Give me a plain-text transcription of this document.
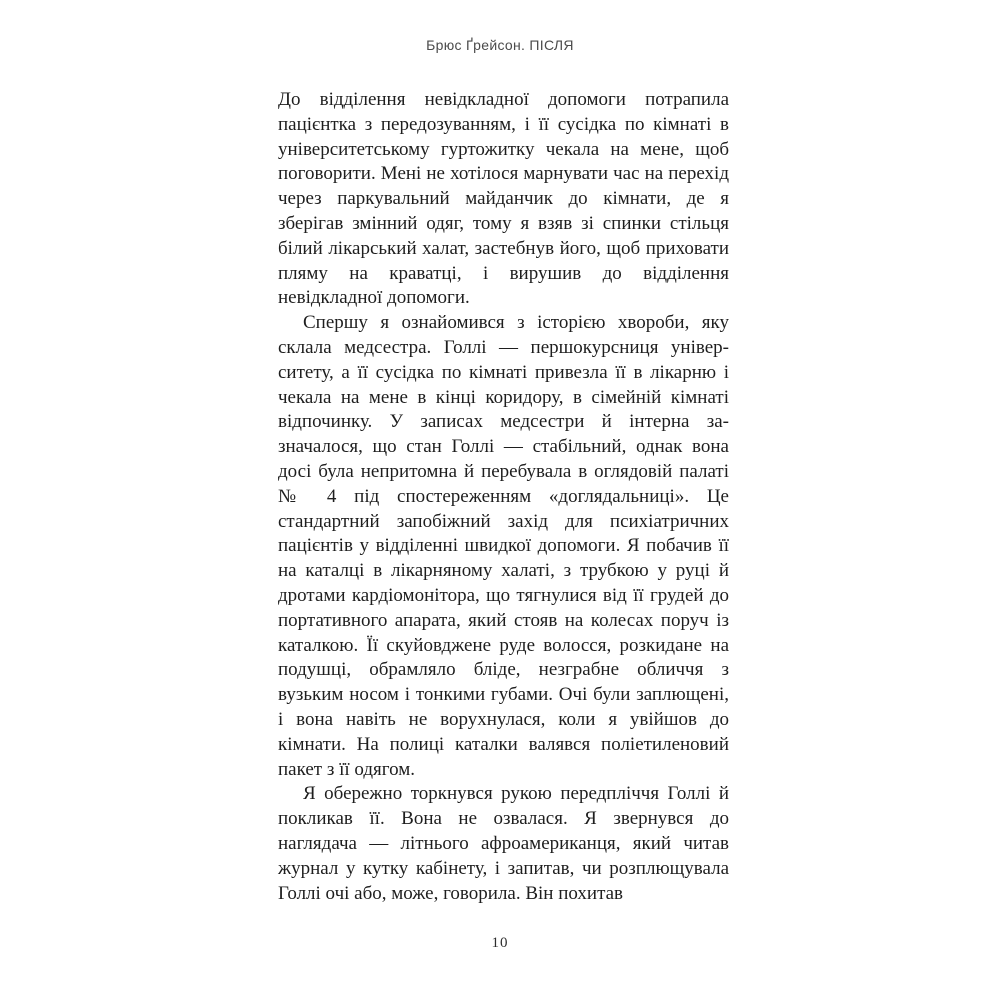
Брюс Ґрейсон. ПІСЛЯ

До відділення невідкладної допомоги потрапила пацієнтка з передозуванням, і її сусідка по кімнаті в університетському гуртожитку чекала на мене, щоб поговорити. Мені не хотілося марнувати час на перехід через паркувальний майданчик до кімнати, де я зберігав змінний одяг, тому я взяв зі спинки стільця білий лікарський халат, застебнув його, щоб приховати пляму на краватці, і вирушив до відділення невідкладної допомоги.

Спершу я ознайомився з історією хвороби, яку склала медсестра. Голлі — першокурсниця університету, а її сусідка по кімнаті привезла її в лікарню і чекала на мене в кінці коридору, в сімейній кімнаті відпочинку. У записах медсестри й інтерна зазначалося, що стан Голлі — стабільний, однак вона досі була непритомна й перебувала в оглядовій палаті № 4 під спостереженням «доглядальниці». Це стандартний запобіжний захід для психіатричних пацієнтів у відділенні швидкої допомоги. Я побачив її на каталці в лікарняному халаті, з трубкою у руці й дротами кардіомонітора, що тягнулися від її грудей до портативного апарата, який стояв на колесах поруч із каталкою. Її скуйовджене руде волосся, розкидане на подушці, обрамляло бліде, незграбне обличчя з вузьким носом і тонкими губами. Очі були заплющені, і вона навіть не ворухнулася, коли я увійшов до кімнати. На полиці каталки валявся поліетиленовий пакет з її одягом.

Я обережно торкнувся рукою передпліччя Голлі й покликав її. Вона не озвалася. Я звернувся до наглядача — літнього афроамериканця, який читав журнал у кутку кабінету, і запитав, чи розплющувала Голлі очі або, може, говорила. Він похитав

10
